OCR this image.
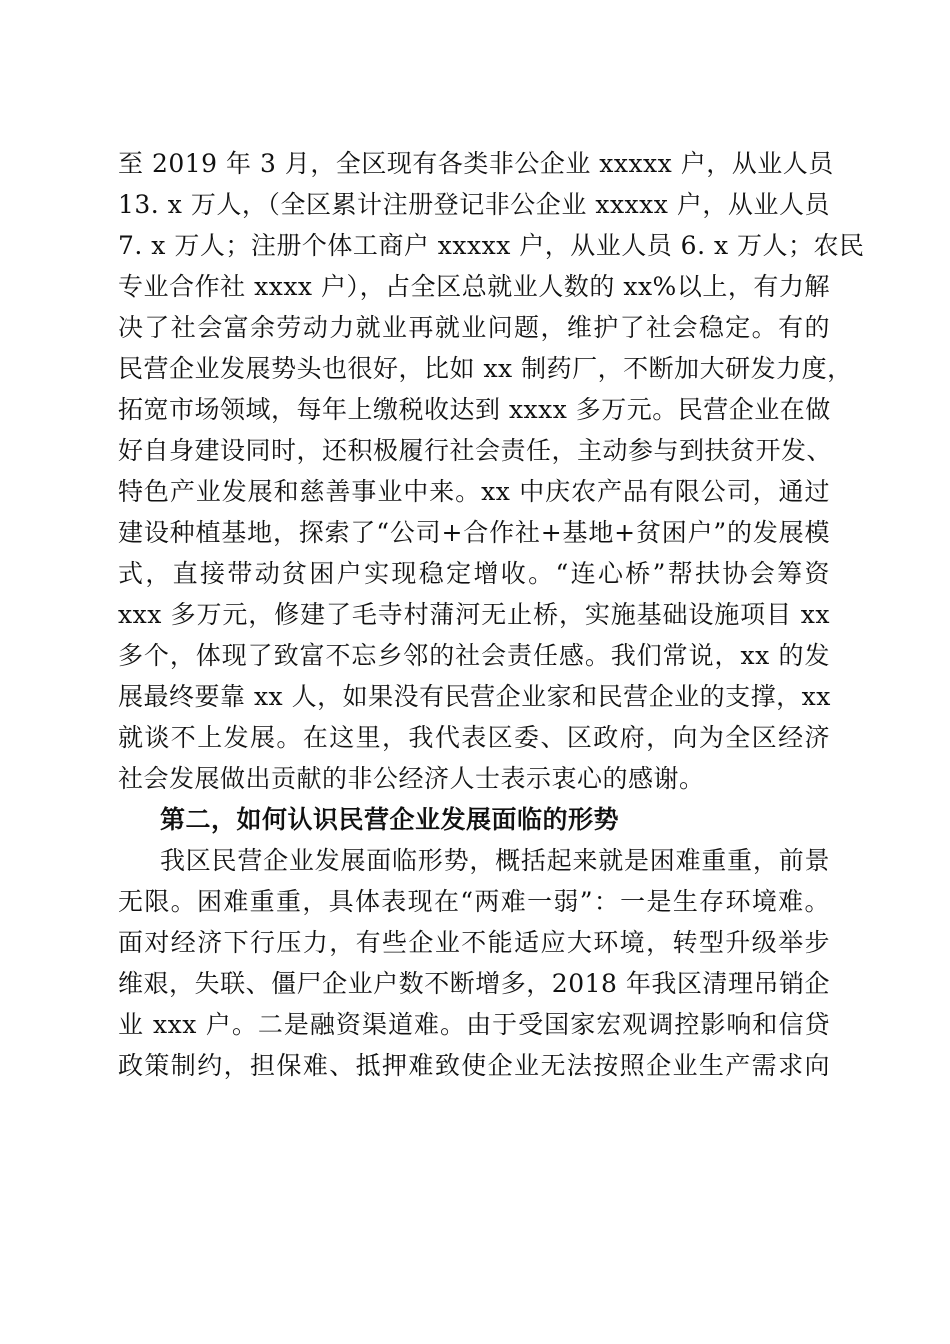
至 2019 年 3 月，全区现有各类非公企业 xxxxx 户，从业人员
13. x 万人，（全区累计注册登记非公企业 xxxxx 户，从业人员
7. x 万人；注册个体工商户 xxxxx 户，从业人员 6. x 万人；农民
专业合作社 xxxx 户），占全区总就业人数的 xx%以上，有力解
决了社会富余劳动力就业再就业问题，维护了社会稳定。有的
民营企业发展势头也很好，比如 xx 制药厂，不断加大研发力度，
拓宽市场领域，每年上缴税收达到 xxxx 多万元。民营企业在做
好自身建设同时，还积极履行社会责任，主动参与到扶贫开发、
特色产业发展和慈善事业中来。xx 中庆农产品有限公司，通过
建设种植基地，探索了“公司+合作社+基地+贫困户”的发展模
式，直接带动贫困户实现稳定增收。“连心桥”帮扶协会筹资
xxx 多万元，修建了毛寺村蒲河无止桥，实施基础设施项目 xx
多个，体现了致富不忘乡邻的社会责任感。我们常说，xx 的发
展最终要靠 xx 人，如果没有民营企业家和民营企业的支撑，xx
就谈不上发展。在这里，我代表区委、区政府，向为全区经济
社会发展做出贡献的非公经济人士表示衷心的感谢。
第二，如何认识民营企业发展面临的形势
我区民营企业发展面临形势，概括起来就是困难重重，前景
无限。困难重重，具体表现在“两难一弱”：一是生存环境难。
面对经济下行压力，有些企业不能适应大环境，转型升级举步
维艰，失联、僵尸企业户数不断增多，2018 年我区清理吊销企
业 xxx 户。二是融资渠道难。由于受国家宏观调控影响和信贷
政策制约，担保难、抵押难致使企业无法按照企业生产需求向
